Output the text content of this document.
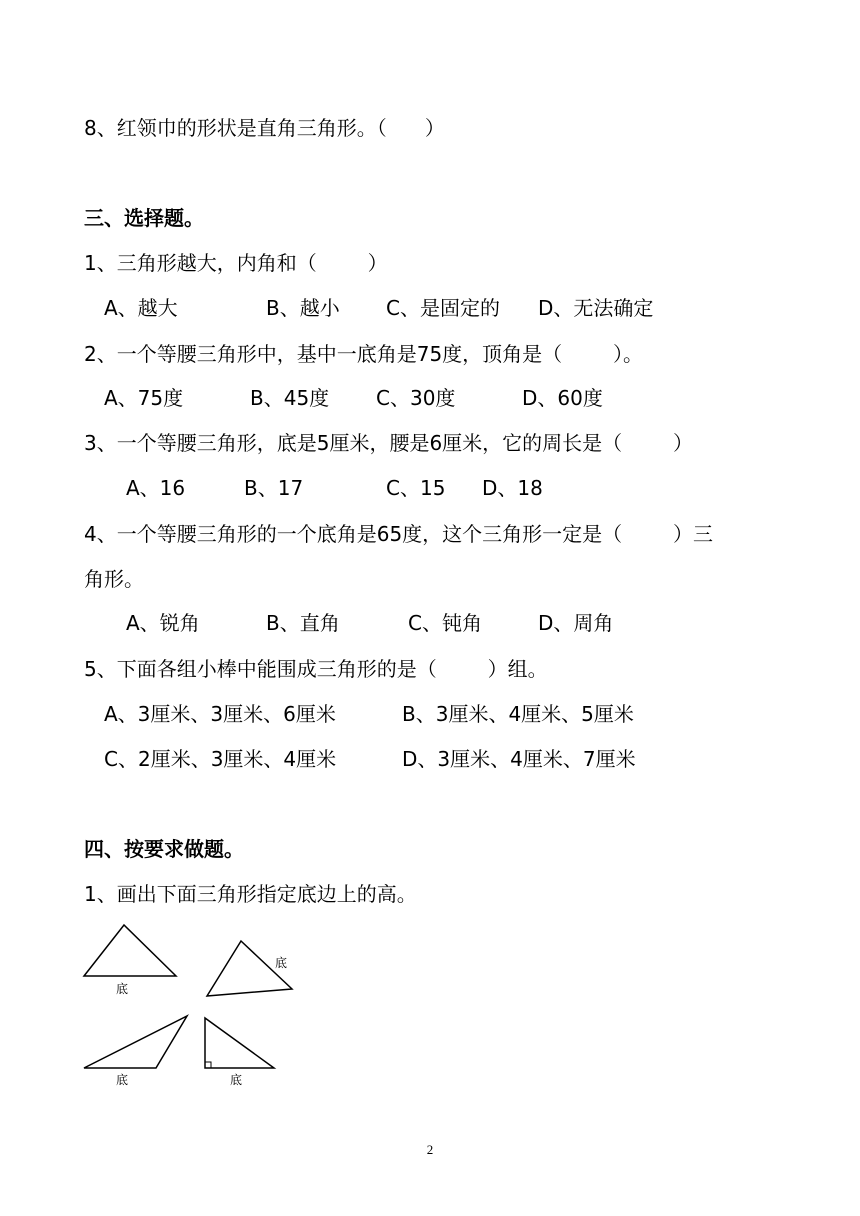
8、红领巾的形状是直角三角形。（      ）
三、选择题。
1、三角形越大，内角和（        ）

A、越大

	B、越小

C、是固定的

D、无法确定

2、一个等腰三角形中，基中一底角是75度，顶角是（        ）。

A、75度

	B、45度

C、30度

	D、60度

3、一个等腰三角形，底是5厘米，腰是6厘米，它的周长是（        ）

A、16

	B、17

	C、15

D、18

4、一个等腰三角形的一个底角是65度，这个三角形一定是（        ）三
角形。

A、锐角

	B、直角

	C、钝角

	D、周角

5、下面各组小棒中能围成三角形的是（        ）组。

A、3厘米、3厘米、6厘米

	B、3厘米、4厘米、5厘米

C、2厘米、3厘米、4厘米

	D、3厘米、4厘米、7厘米

四、按要求做题。
1、画出下面三角形指定底边上的高。
底
底
底	底
2
